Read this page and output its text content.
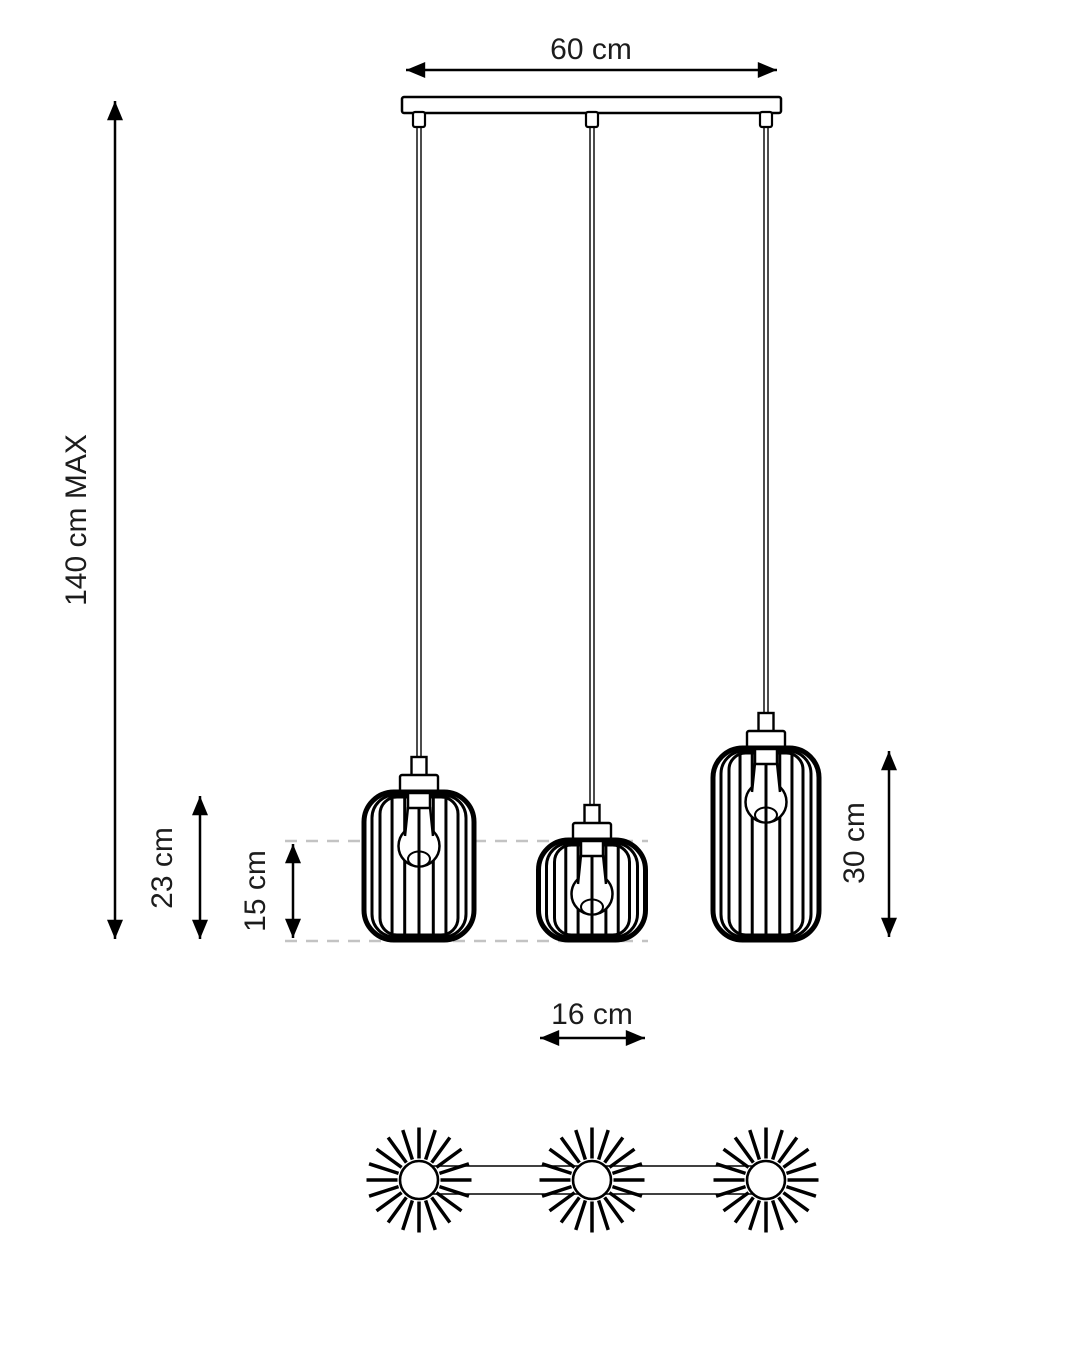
60 cm
140 cm MAX
23 cm 15 cm
30 cm
16 cm
